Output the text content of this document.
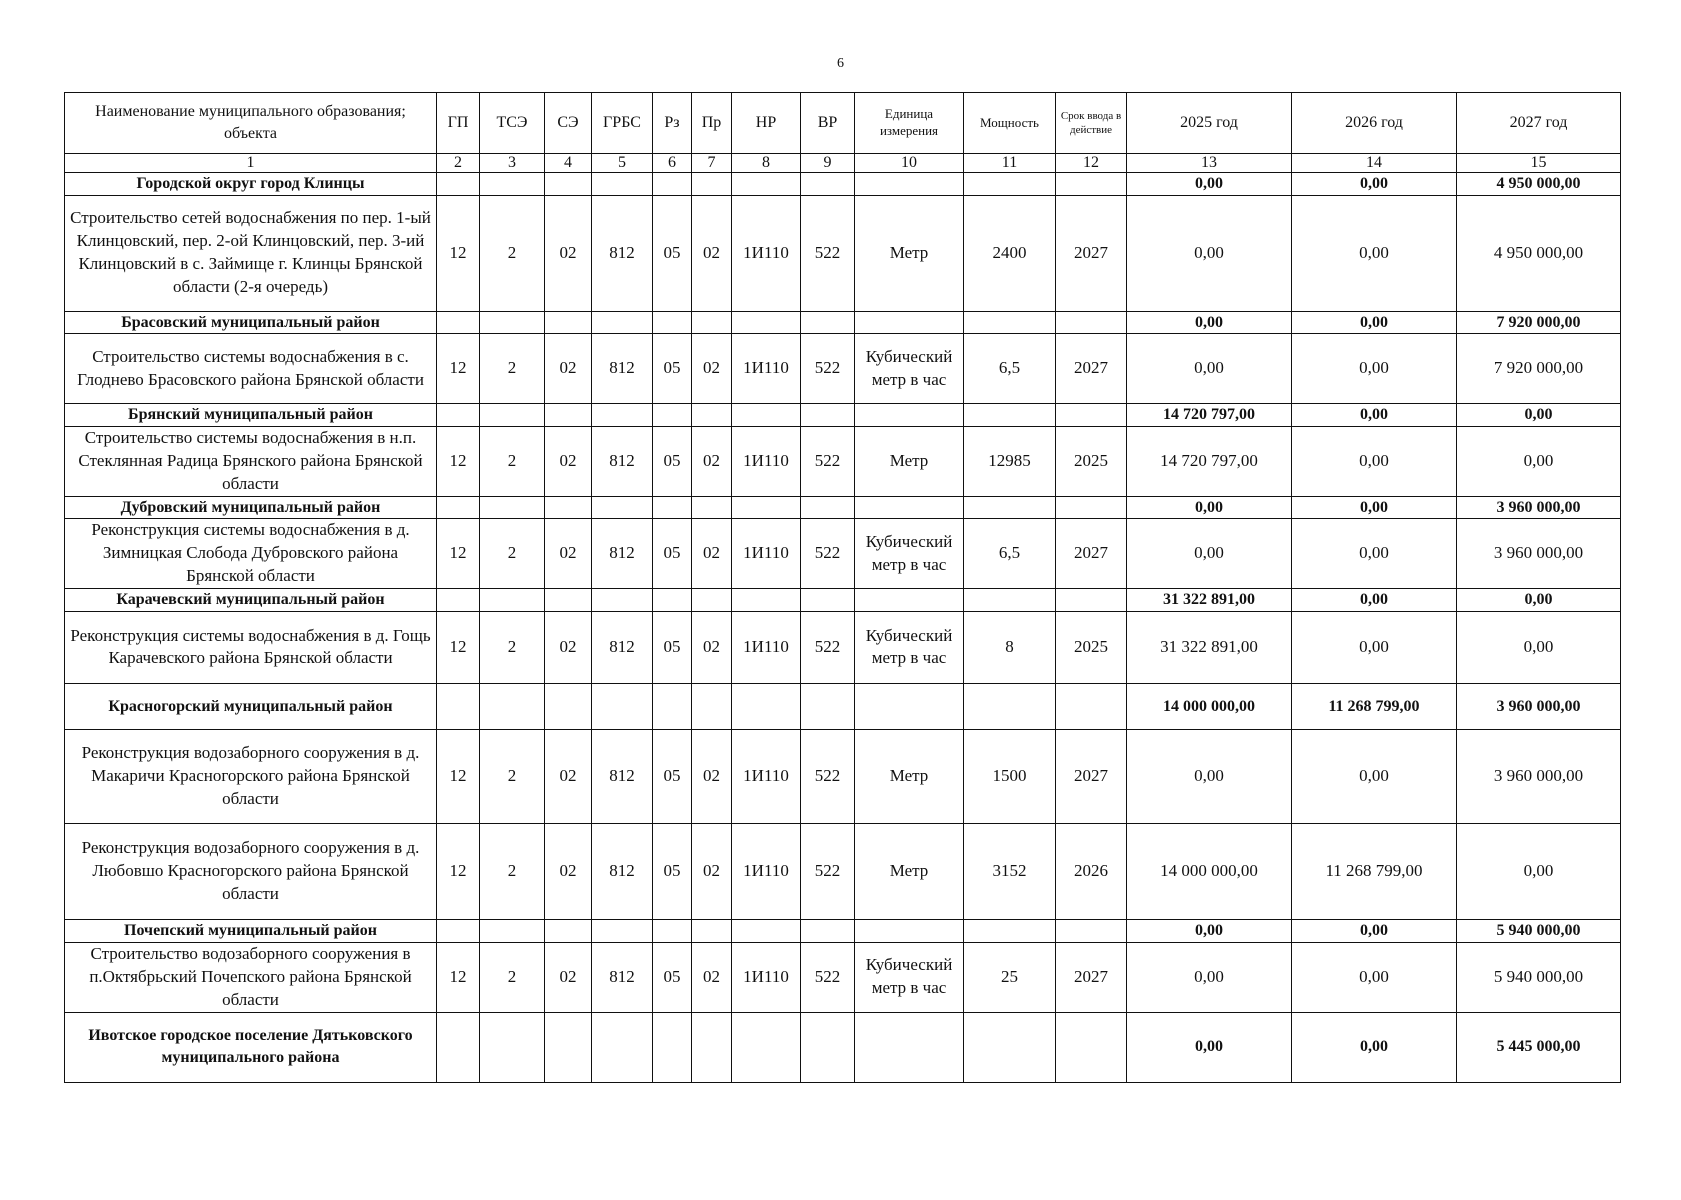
6
Наименование муниципального образования; объекта	ГП	ТСЭ	СЭ	ГРБС	Рз	Пр	НР	ВР	Единица измерения	Мощность	Срок ввода в действие	2025 год	2026 год	2027 год
1	2	3	4	5	6	7	8	9	10	11	12	13	14	15
Городской округ город Клинцы												0,00	0,00	4 950 000,00
Строительство сетей водоснабжения по пер. 1-ый Клинцовский, пер. 2-ой Клинцовский, пер. 3-ий Клинцовский в с. Займище г. Клинцы Брянской области (2-я очередь)	12	2	02	812	05	02	1И110	522	Метр	2400	2027	0,00	0,00	4 950 000,00
Брасовский муниципальный район												0,00	0,00	7 920 000,00
Строительство системы водоснабжения в с. Глоднево Брасовского района Брянской области	12	2	02	812	05	02	1И110	522	Кубический метр в час	6,5	2027	0,00	0,00	7 920 000,00
Брянский муниципальный район												14 720 797,00	0,00	0,00
Строительство системы водоснабжения в н.п. Стеклянная Радица Брянского района Брянской области	12	2	02	812	05	02	1И110	522	Метр	12985	2025	14 720 797,00	0,00	0,00
Дубровский муниципальный район												0,00	0,00	3 960 000,00
Реконструкция системы водоснабжения в д. Зимницкая Слобода Дубровского района Брянской области	12	2	02	812	05	02	1И110	522	Кубический метр в час	6,5	2027	0,00	0,00	3 960 000,00
Карачевский муниципальный район												31 322 891,00	0,00	0,00
Реконструкция системы водоснабжения в д. Гощь Карачевского района Брянской области	12	2	02	812	05	02	1И110	522	Кубический метр в час	8	2025	31 322 891,00	0,00	0,00
Красногорский муниципальный район												14 000 000,00	11 268 799,00	3 960 000,00
Реконструкция водозаборного сооружения в д. Макаричи Красногорского района Брянской области	12	2	02	812	05	02	1И110	522	Метр	1500	2027	0,00	0,00	3 960 000,00
Реконструкция водозаборного сооружения в д. Любовшо Красногорского района Брянской области	12	2	02	812	05	02	1И110	522	Метр	3152	2026	14 000 000,00	11 268 799,00	0,00
Почепский муниципальный район												0,00	0,00	5 940 000,00
Строительство водозаборного сооружения в п.Октябрьский Почепского района Брянской области	12	2	02	812	05	02	1И110	522	Кубический метр в час	25	2027	0,00	0,00	5 940 000,00
Ивотское городское поселение Дятьковского муниципального района												0,00	0,00	5 445 000,00
